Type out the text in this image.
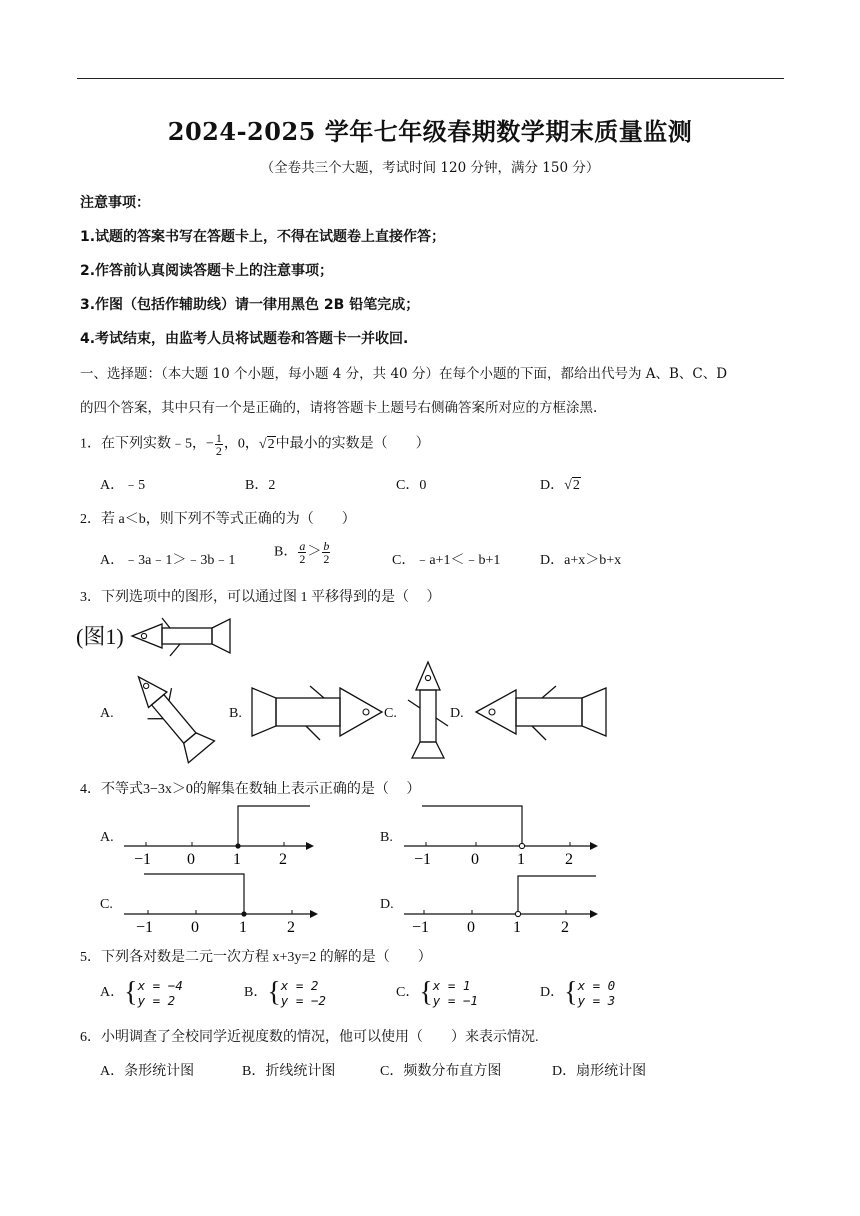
2024-2025 学年七年级春期数学期末质量监测
（全卷共三个大题，考试时间 120 分钟，满分 150 分）
注意事项：
1.试题的答案书写在答题卡上，不得在试题卷上直接作答；
2.作答前认真阅读答题卡上的注意事项；
3.作图（包括作辅助线）请一律用黑色 2B 铅笔完成；
4.考试结束，由监考人员将试题卷和答题卡一并收回.
一、选择题：（本大题 10 个小题，每小题 4 分，共 40 分）在每个小题的下面，都给出代号为 A、B、C、D
的四个答案，其中只有一个是正确的，请将答题卡上题号右侧确答案所对应的方框涂黑.
1．在下列实数﹣5，− $\frac{1}{2}$ ，0，√2中最小的实数是（　　）
A．﹣5	B．2	C．0	D．√2
2．若 a＜b，则下列不等式正确的为（　　）
A．﹣3a﹣1＞﹣3b﹣1
B． $\frac{a}{2} > \frac{b}{2}$	C．﹣a+1＜﹣b+1	D．a+x＞b+x
3．下列选项中的图形，可以通过图 1 平移得到的是（　 ）
(图1)
A.	B.	C.	D.
4．不等式3−3x＞0的解集在数轴上表示正确的是（　 ）
A.
−1 0 1 2
B.
−1 0 1	2
C.
−1 0	1	2
D.
−1 0 1	2
5．下列各对数是二元一次方程 x+3y=2 的解的是（　　）
A．{x = −4
y = 2
B．{x = 2
y = −2
C．{x = 1
y = −1
D．{x = 0
y = 3
6．小明调查了全校同学近视度数的情况，他可以使用（　　）来表示情况.
A．条形统计图	B．折线统计图	C．频数分布直方图	D．扇形统计图
